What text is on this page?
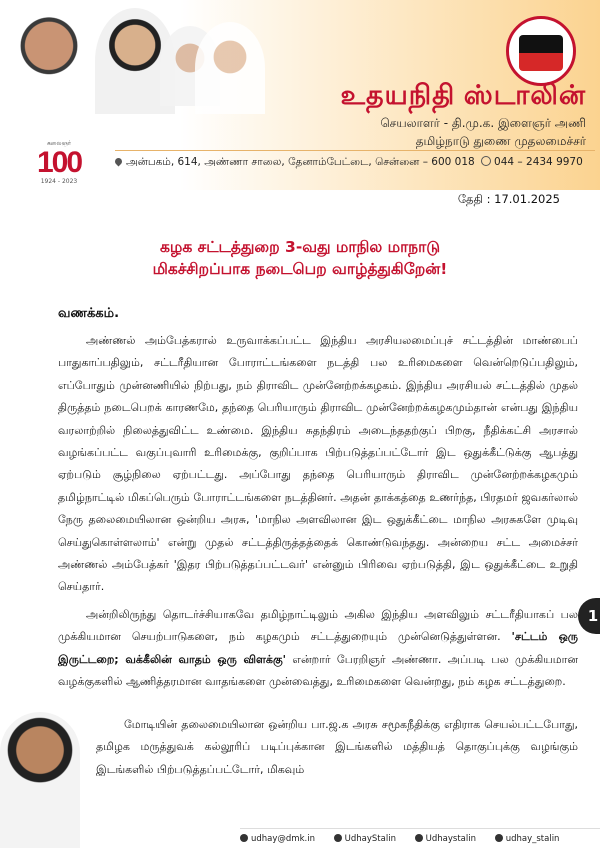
கலைஞர்
100
1924 - 2023
உதயநிதி ஸ்டாலின்
செயலாளர் - தி.மு.க. இளைஞர் அணி
தமிழ்நாடு துணை முதலமைச்சர்
அன்பகம், 614, அண்ணா சாலை, தேனாம்பேட்டை, சென்னை – 600 018 044 – 2434 9970
தேதி : 17.01.2025
கழக சட்டத்துறை 3-வது மாநில மாநாடு
மிகச்சிறப்பாக நடைபெற வாழ்த்துகிறேன்!
வணக்கம்.

அண்ணல் அம்பேத்கரால் உருவாக்கப்பட்ட இந்திய அரசியலமைப்புச் சட்டத்தின் மாண்பைப் பாதுகாப்பதிலும், சட்டரீதியான போராட்டங்களை நடத்தி பல உரிமைகளை வென்றெடுப்பதிலும், எப்போதும் முன்னணியில் நிற்பது, நம் திராவிட முன்னேற்றக்கழகம். இந்திய அரசியல் சட்டத்தில் முதல் திருத்தம் நடைபெறக் காரணமே, தந்தை பெரியாரும் திராவிட முன்னேற்றக்கழகமும்தான் என்பது இந்திய வரலாற்றில் நிலைத்துவிட்ட உண்மை. இந்திய சுதந்திரம் அடைந்ததற்குப் பிறகு, நீதிக்கட்சி அரசால் வழங்கப்பட்ட வகுப்புவாரி உரிமைக்கு, குறிப்பாக பிற்படுத்தப்பட்டோர் இட ஒதுக்கீட்டுக்கு ஆபத்து ஏற்படும் சூழ்நிலை ஏற்பட்டது. அப்போது தந்தை பெரியாரும் திராவிட முன்னேற்றக்கழகமும் தமிழ்நாட்டில் மிகப்பெரும் போராட்டங்களை நடத்தினர். அதன் தாக்கத்தை உணர்ந்த, பிரதமர் ஜவகர்லால் நேரு தலைமையிலான ஒன்றிய அரசு, 'மாநில அளவிலான இட ஒதுக்கீட்டை மாநில அரசுகளே முடிவு செய்துகொள்ளலாம்' என்று முதல் சட்டத்திருத்தத்தைக் கொண்டுவந்தது. அன்றைய சட்ட அமைச்சர் அண்ணல் அம்பேத்கர் 'இதர பிற்படுத்தப்பட்டவர்' என்னும் பிரிவை ஏற்படுத்தி, இட ஒதுக்கீட்டை உறுதி செய்தார்.

அன்றிலிருந்து தொடர்ச்சியாகவே தமிழ்நாட்டிலும் அகில இந்திய அளவிலும் சட்டரீதியாகப் பல முக்கியமான செயற்பாடுகளை, நம் கழகமும் சட்டத்துறையும் முன்னெடுத்துள்ளன. 'சட்டம் ஒரு இருட்டறை; வக்கீலின் வாதம் ஒரு விளக்கு' என்றார் பேரறிஞர் அண்ணா. அப்படி பல முக்கியமான வழக்குகளில் ஆணித்தரமான வாதங்களை முன்வைத்து, உரிமைகளை வென்றது, நம் கழக சட்டத்துறை.

மோடியின் தலைமையிலான ஒன்றிய பா.ஜ.க அரசு சமூகநீதிக்கு எதிராக செயல்பட்டபோது, தமிழக மருத்துவக் கல்லூரிப் படிப்புக்கான இடங்களில் மத்தியத் தொகுப்புக்கு வழங்கும் இடங்களில் பிற்படுத்தப்பட்டோர், மிகவும்

1
udhay@dmk.in	UdhayStalin	Udhaystalin	udhay_stalin
